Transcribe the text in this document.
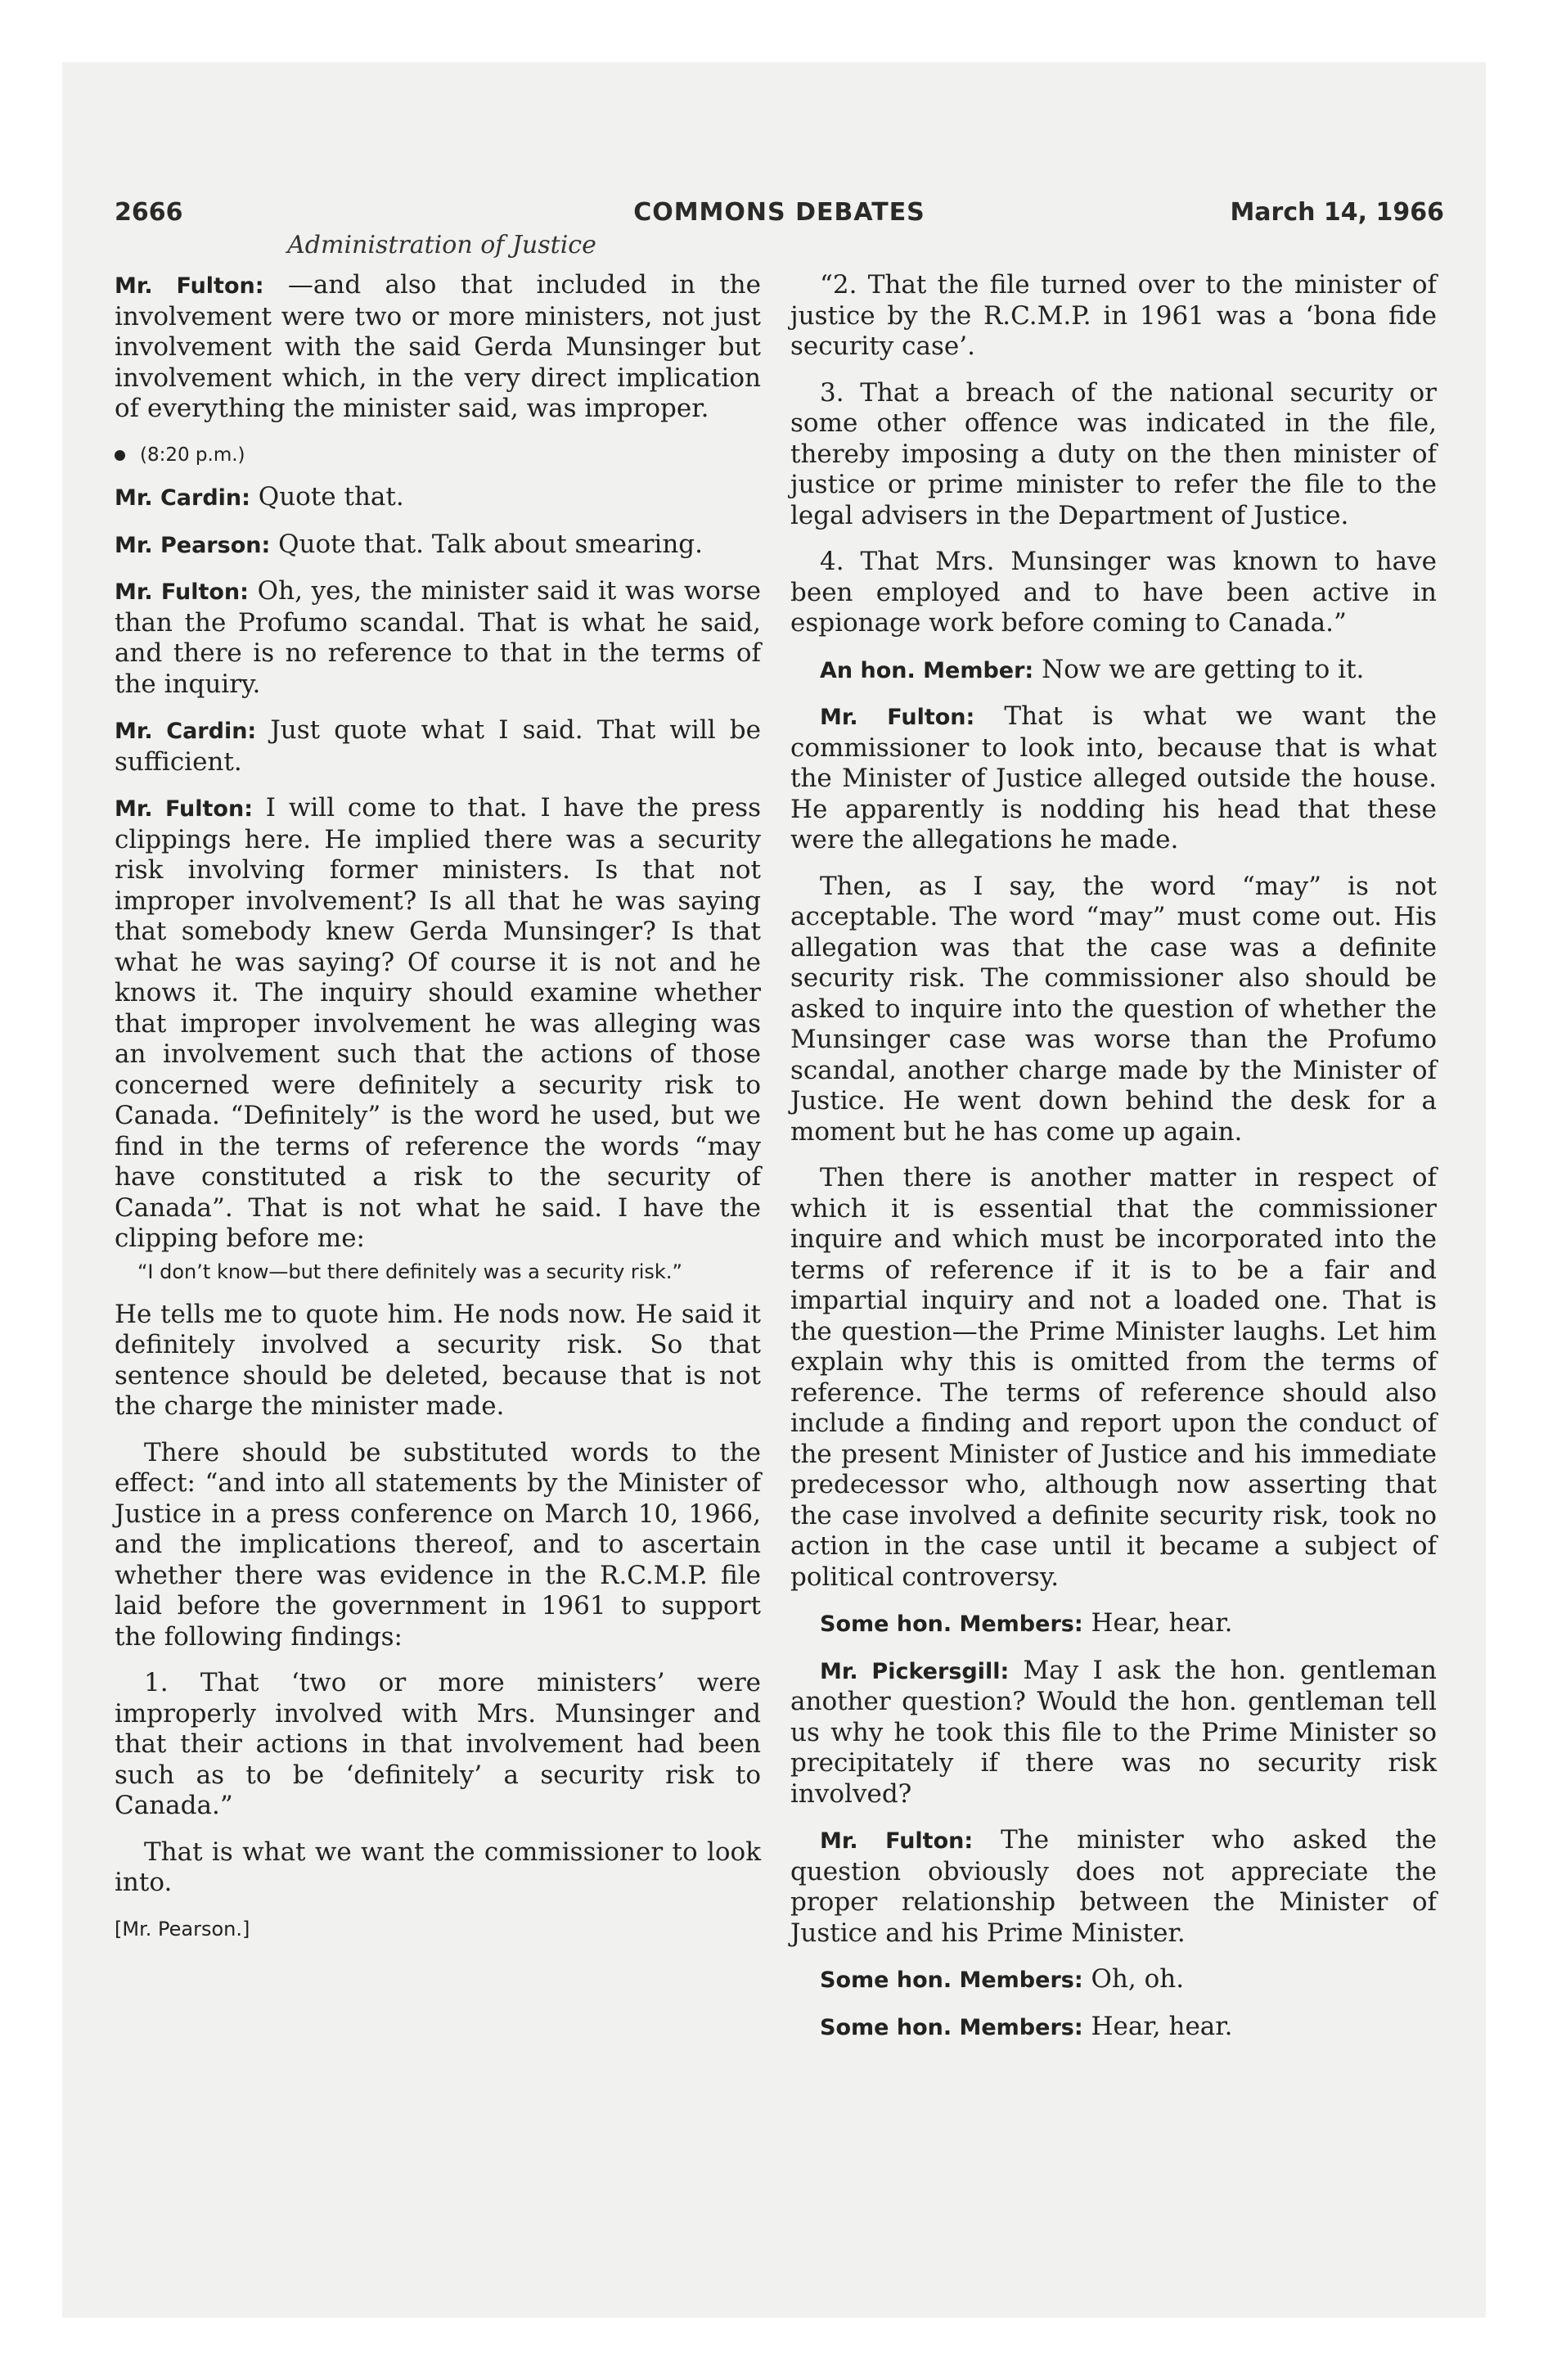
2666	COMMONS DEBATES	March 14, 1966
Administration of Justice

Mr. Fulton: —and also that included in the involvement were two or more ministers, not just involvement with the said Gerda Munsinger but involvement which, in the very direct implication of everything the minister said, was improper.

(8:20 p.m.)

Mr. Cardin: Quote that.

Mr. Pearson: Quote that. Talk about smearing.

Mr. Fulton: Oh, yes, the minister said it was worse than the Profumo scandal. That is what he said, and there is no reference to that in the terms of the inquiry.

Mr. Cardin: Just quote what I said. That will be sufficient.

Mr. Fulton: I will come to that. I have the press clippings here. He implied there was a security risk involving former ministers. Is that not improper involvement? Is all that he was saying that somebody knew Gerda Munsinger? Is that what he was saying? Of course it is not and he knows it. The inquiry should examine whether that improper involvement he was alleging was an involvement such that the actions of those concerned were definitely a security risk to Canada. “Definitely” is the word he used, but we find in the terms of reference the words “may have constituted a risk to the security of Canada”. That is not what he said. I have the clipping before me:

“I don’t know—but there definitely was a security risk.”

He tells me to quote him. He nods now. He said it definitely involved a security risk. So that sentence should be deleted, because that is not the charge the minister made.

There should be substituted words to the effect: “and into all statements by the Minister of Justice in a press conference on March 10, 1966, and the implications thereof, and to ascertain whether there was evidence in the R.C.M.P. file laid before the government in 1961 to support the following findings:

1. That ‘two or more ministers’ were improperly involved with Mrs. Munsinger and that their actions in that involvement had been such as to be ‘definitely’ a security risk to Canada.”

That is what we want the commissioner to look into.

[Mr. Pearson.]

“2. That the file turned over to the minister of justice by the R.C.M.P. in 1961 was a ‘bona fide security case’.

3. That a breach of the national security or some other offence was indicated in the file, thereby imposing a duty on the then minister of justice or prime minister to refer the file to the legal advisers in the Department of Justice.

4. That Mrs. Munsinger was known to have been employed and to have been active in espionage work before coming to Canada.”

An hon. Member: Now we are getting to it.

Mr. Fulton: That is what we want the commissioner to look into, because that is what the Minister of Justice alleged outside the house. He apparently is nodding his head that these were the allegations he made.

Then, as I say, the word “may” is not acceptable. The word “may” must come out. His allegation was that the case was a definite security risk. The commissioner also should be asked to inquire into the question of whether the Munsinger case was worse than the Profumo scandal, another charge made by the Minister of Justice. He went down behind the desk for a moment but he has come up again.

Then there is another matter in respect of which it is essential that the commissioner inquire and which must be incorporated into the terms of reference if it is to be a fair and impartial inquiry and not a loaded one. That is the question—the Prime Minister laughs. Let him explain why this is omitted from the terms of reference. The terms of reference should also include a finding and report upon the conduct of the present Minister of Justice and his immediate predecessor who, although now asserting that the case involved a definite security risk, took no action in the case until it became a subject of political controversy.

Some hon. Members: Hear, hear.

Mr. Pickersgill: May I ask the hon. gentleman another question? Would the hon. gentleman tell us why he took this file to the Prime Minister so precipitately if there was no security risk involved?

Mr. Fulton: The minister who asked the question obviously does not appreciate the proper relationship between the Minister of Justice and his Prime Minister.

Some hon. Members: Oh, oh.

Some hon. Members: Hear, hear.
